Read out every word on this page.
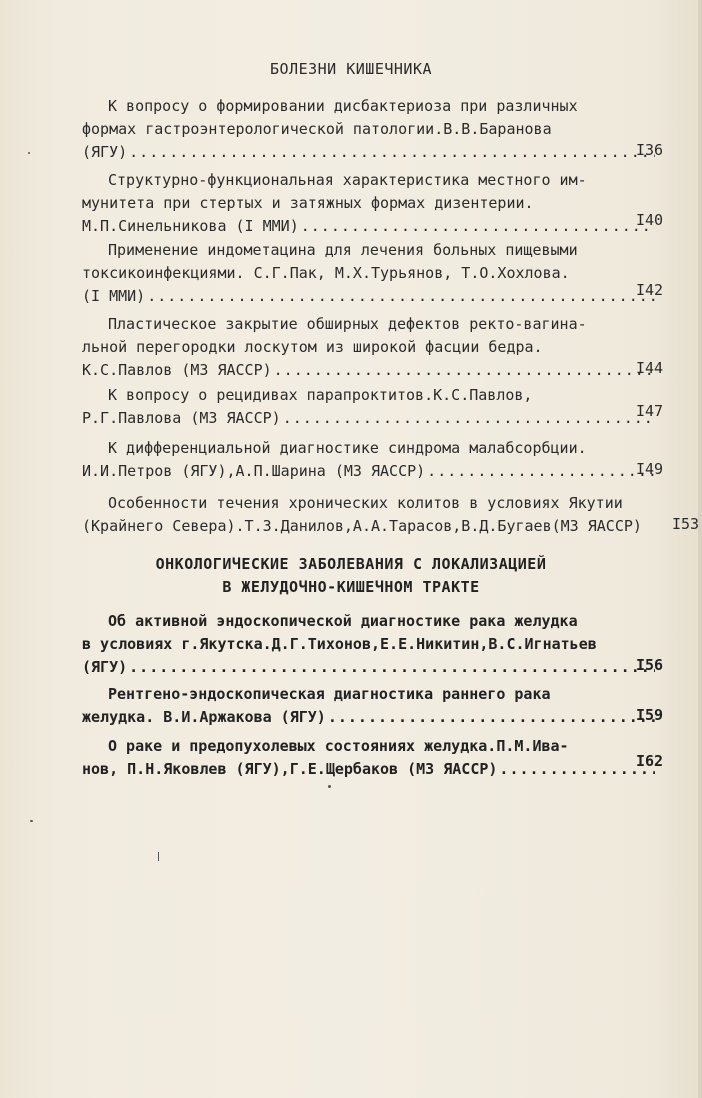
БОЛЕЗНИ КИШЕЧНИКА
К вопросу о формировании дисбактериоза при различных
формах гастроэнтерологической патологии.В.В.Баранова
(ЯГУ) .....	I36
Структурно-функциональная характеристика местного им-
мунитета при стертых и затяжных формах дизентерии.
М.П.Синельникова (I ММИ) .....	I40
Применение индометацина для лечения больных пищевыми
токсикоинфекциями. С.Г.Пак, М.Х.Турьянов, Т.О.Хохлова.
(I ММИ) .....	I42
Пластическое закрытие обширных дефектов ректо-вагина-
льной перегородки лоскутом из широкой фасции бедра.
К.С.Павлов (МЗ ЯАССР) .....	I44
К вопросу о рецидивах парапроктитов.К.С.Павлов,
Р.Г.Павлова (МЗ ЯАССР) .....	I47
К дифференциальной диагностике синдрома малабсорбции.
И.И.Петров (ЯГУ),А.П.Шарина (МЗ ЯАССР) .....	I49
Особенности течения хронических колитов в условиях Якутии
(Крайнего Севера).Т.З.Данилов,А.А.Тарасов,В.Д.Бугаев(МЗ ЯАССР)	I53
ОНКОЛОГИЧЕСКИЕ ЗАБОЛЕВАНИЯ С ЛОКАЛИЗАЦИЕЙ
В ЖЕЛУДОЧНО-КИШЕЧНОМ ТРАКТЕ
Об активной эндоскопической диагностике рака желудка
в условиях г.Якутска.Д.Г.Тихонов,Е.Е.Никитин,В.С.Игнатьев
(ЯГУ) .....	I56
Рентгено-эндоскопическая диагностика раннего рака
желудка. В.И.Аржакова (ЯГУ) .....	I59
О раке и предопухолевых состояниях желудка.П.М.Ива-
нов, П.Н.Яковлев (ЯГУ),Г.Е.Щербаков (МЗ ЯАССР) .....	I62
